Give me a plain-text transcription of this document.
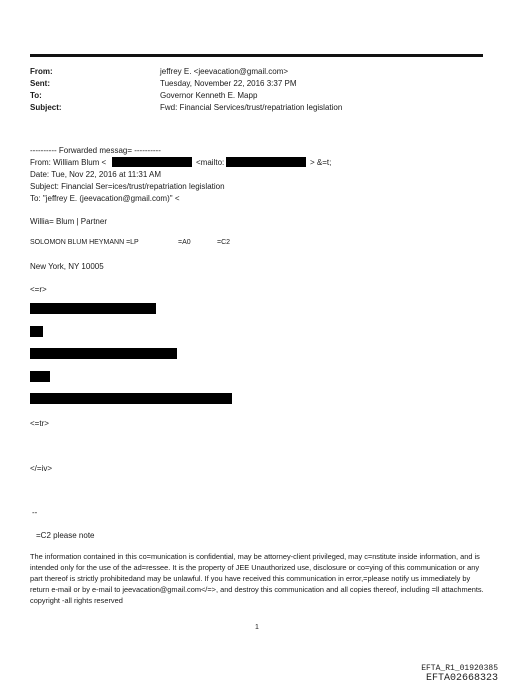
From:	jeffrey E. <jeevacation@gmail.com>
Sent:	Tuesday, November 22, 2016 3:37 PM
To:	Governor Kenneth E. Mapp
Subject:	Fwd: Financial Services/trust/repatriation legislation
---------- Forwarded messag= ----------
From: William Blum <	<mailto:	> &=t;
Date: Tue, Nov 22, 2016 at 11:31 AM
Subject: Financial Ser=ices/trust/repatriation legislation
To: "jeffrey E. (jeevacation@gmail.com)" <
Willia= Blum | Partner
SOLOMON BLUM HEYMANN =LP	=A0	=C2
New York, NY 10005
<=r>
<=tr>
</=iv>
--
=C2 please note
The information contained in this co=munication is confidential, may be attorney-client privileged, may c=nstitute inside information, and is intended only for the use of the ad=ressee. It is the property of JEE Unauthorized use, disclosure or co=ying of this communication or any part thereof is strictly prohibitedand may be unlawful. If you have received this communication in error,=please notify us immediately by return e-mail or by e-mail to jeevacation@gmail.com</=>, and destroy this communication and all copies thereof, including =ll attachments. copyright -all rights reserved
1
EFTA_R1_01920385
EFTA02668323
